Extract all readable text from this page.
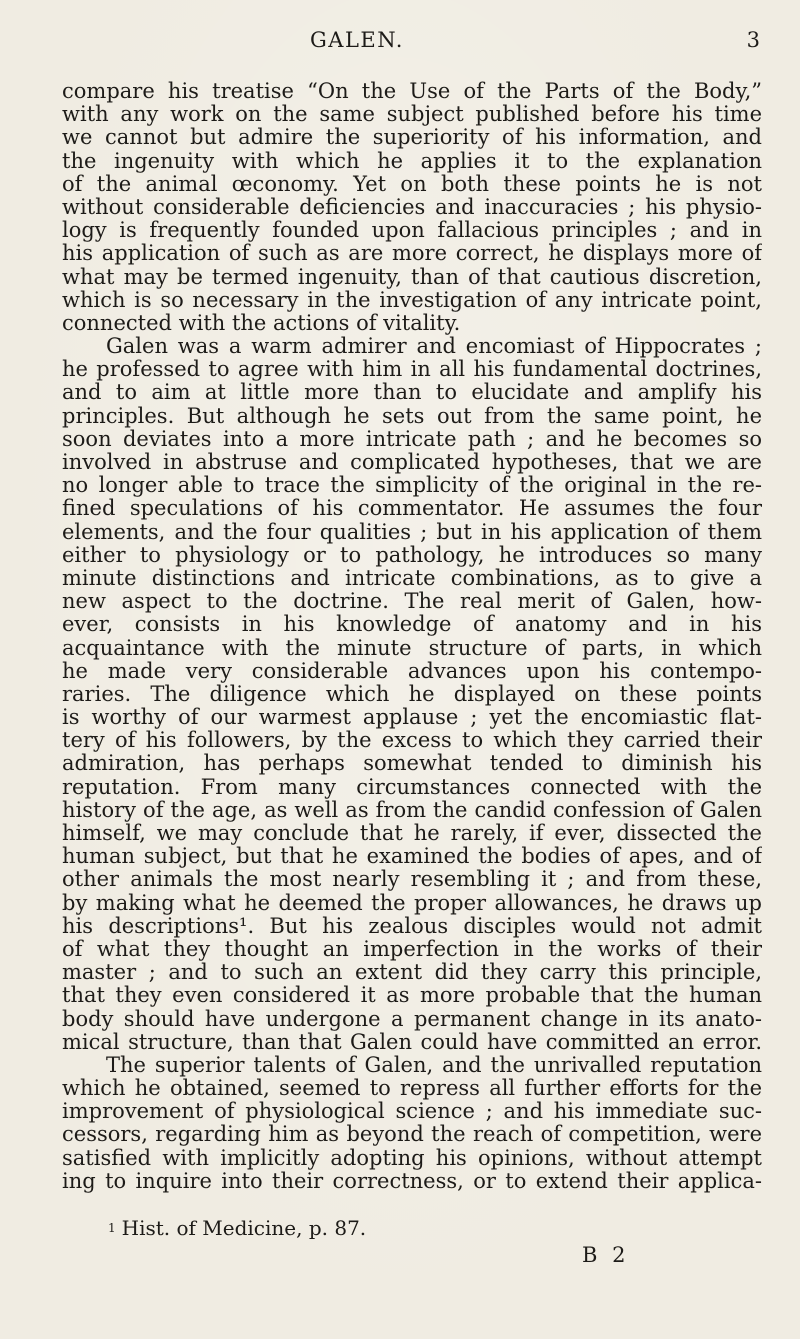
GALEN.	3
compare his treatise “On the Use of the Parts of the Body,”
with any work on the same subject published before his time
we cannot but admire the superiority of his information, and
the ingenuity with which he applies it to the explanation
of the animal œconomy. Yet on both these points he is not
without considerable deficiencies and inaccuracies ; his physio-
logy is frequently founded upon fallacious principles ; and in
his application of such as are more correct, he displays more of
what may be termed ingenuity, than of that cautious discretion,
which is so necessary in the investigation of any intricate point,
connected with the actions of vitality.
Galen was a warm admirer and encomiast of Hippocrates ;
he professed to agree with him in all his fundamental doctrines,
and to aim at little more than to elucidate and amplify his
principles. But although he sets out from the same point, he
soon deviates into a more intricate path ; and he becomes so
involved in abstruse and complicated hypotheses, that we are
no longer able to trace the simplicity of the original in the re-
fined speculations of his commentator. He assumes the four
elements, and the four qualities ; but in his application of them
either to physiology or to pathology, he introduces so many
minute distinctions and intricate combinations, as to give a
new aspect to the doctrine. The real merit of Galen, how-
ever, consists in his knowledge of anatomy and in his
acquaintance with the minute structure of parts, in which
he made very considerable advances upon his contempo-
raries. The diligence which he displayed on these points
is worthy of our warmest applause ; yet the encomiastic flat-
tery of his followers, by the excess to which they carried their
admiration, has perhaps somewhat tended to diminish his
reputation. From many circumstances connected with the
history of the age, as well as from the candid confession of Galen
himself, we may conclude that he rarely, if ever, dissected the
human subject, but that he examined the bodies of apes, and of
other animals the most nearly resembling it ; and from these,
by making what he deemed the proper allowances, he draws up
his descriptions¹. But his zealous disciples would not admit
of what they thought an imperfection in the works of their
master ; and to such an extent did they carry this principle,
that they even considered it as more probable that the human
body should have undergone a permanent change in its anato-
mical structure, than that Galen could have committed an error.
The superior talents of Galen, and the unrivalled reputation
which he obtained, seemed to repress all further efforts for the
improvement of physiological science ; and his immediate suc-
cessors, regarding him as beyond the reach of competition, were
satisfied with implicitly adopting his opinions, without attempt
ing to inquire into their correctness, or to extend their applica-
$^1$ Hist. of Medicine, p. 87.
B 2
